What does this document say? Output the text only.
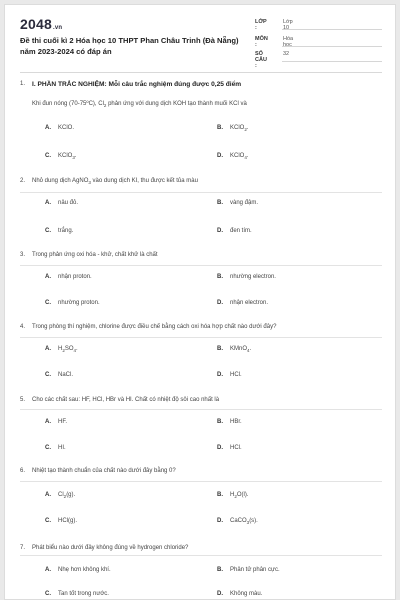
2048.vn
Đề thi cuối kì 2 Hóa học 10 THPT Phan Châu Trinh (Đà Nẵng) năm 2023-2024 có đáp án
LỚP :
Lớp 10
MÔN :
Hóa học
SỐ CÂU :
32
1. I. PHẦN TRẮC NGHIỆM: Mỗi câu trắc nghiệm đúng được 0,25 điểm
Khi đun nóng (70-75ºC), $Cl_2$ phản ứng với dung dịch KOH tạo thành muối KCl và
A. KClO.	B. KClO$_2$.
C. KClO$_3$.	D. KClO$_4$.
2. Nhỏ dung dịch AgNO$_3$ vào dung dịch KI, thu được kết tủa màu
A. nâu đỏ.	B. vàng đậm.
C. trắng.	D. đen tím.
3. Trong phản ứng oxi hóa - khử, chất khử là chất
A. nhận proton.	B. nhường electron.
C. nhường proton.	D. nhận electron.
4. Trong phòng thí nghiệm, chlorine được điều chế bằng cách oxi hóa hợp chất nào dưới đây?
A. $H_2SO_4$.	B. KMnO$_4$.
C. NaCl.	D. HCl.
5. Cho các chất sau: HF, HCl, HBr và HI. Chất có nhiệt độ sôi cao nhất là
A. HF.	B. HBr.
C. HI.	D. HCl.
6. Nhiệt tạo thành chuẩn của chất nào dưới đây bằng 0?
A. $Cl_2(g)$.	B. $H_2O(l)$.
C. HCl(g).	D. CaCO$_3$(s).
7. Phát biểu nào dưới đây không đúng về hydrogen chloride?
A. Nhẹ hơn không khí.	B. Phân tử phân cực.
C. Tan tốt trong nước.	D. Không màu.
